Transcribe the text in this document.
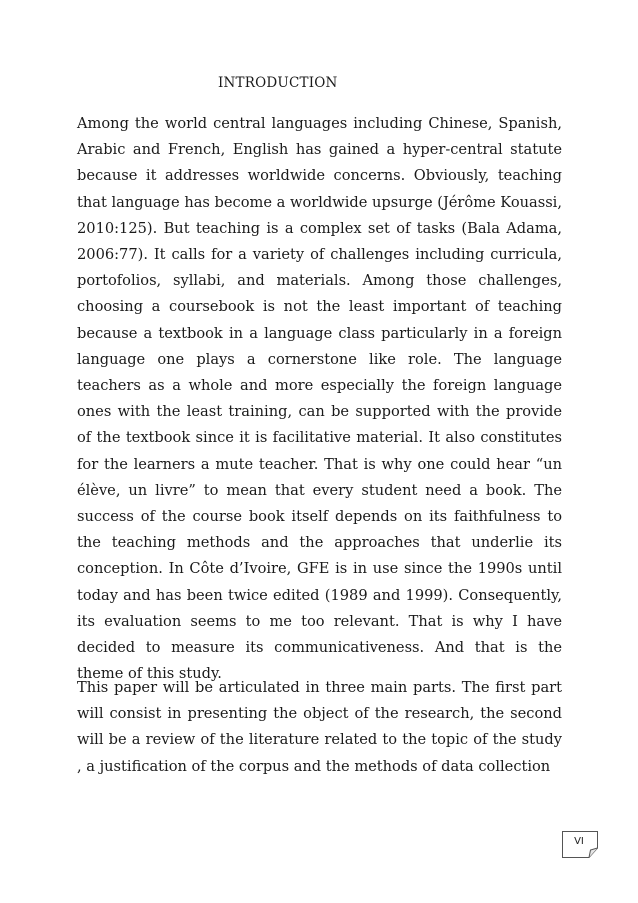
INTRODUCTION

Among the world central languages including Chinese, Spanish, Arabic and French, English has gained a hyper-central statute because it addresses worldwide concerns. Obviously, teaching that language has become a worldwide upsurge (Jérôme Kouassi, 2010:125). But teaching is a complex set of tasks (Bala Adama, 2006:77). It calls for a variety of challenges including curricula, portofolios, syllabi, and materials. Among those challenges, choosing a coursebook is not the least important of teaching because a textbook in a language class particularly in a foreign language one plays a cornerstone like role. The language teachers as a whole and more especially the foreign language ones with the least training, can be supported with the provide of the textbook since it is facilitative material. It also constitutes for the learners a mute teacher. That is why one could hear “un élève, un livre” to mean that every student need a book. The success of the course book itself depends on its faithfulness to the teaching methods and the approaches that underlie its conception. In Côte d’Ivoire, GFE is in use since the 1990s until today and has been twice edited (1989 and 1999). Consequently, its evaluation seems to me too relevant. That is why I have decided to measure its communicativeness. And that is the theme of this study.

This paper will be articulated in three main parts. The first part will consist in presenting the object of the research, the second will be a review of the literature related to the topic of the study , a justification of the corpus and the methods of data collection

VI
